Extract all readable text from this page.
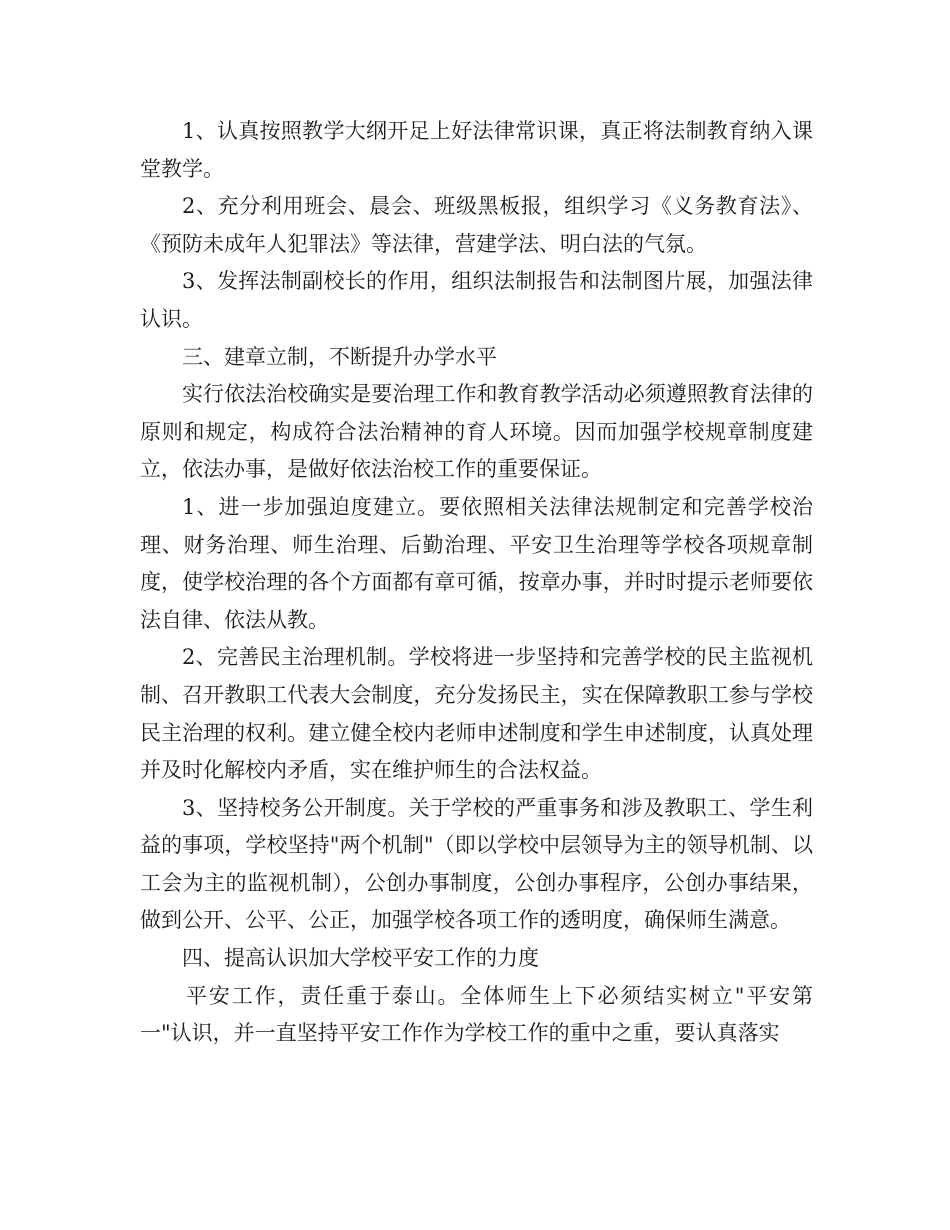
1、认真按照教学大纲开足上好法律常识课，真正将法制教育纳入课堂教学。

2、充分利用班会、晨会、班级黑板报，组织学习《义务教育法》、《预防未成年人犯罪法》等法律，营建学法、明白法的气氛。

3、发挥法制副校长的作用，组织法制报告和法制图片展，加强法律认识。

三、建章立制，不断提升办学水平

实行依法治校确实是要治理工作和教育教学活动必须遵照教育法律的原则和规定，构成符合法治精神的育人环境。因而加强学校规章制度建立，依法办事，是做好依法治校工作的重要保证。

1、进一步加强迫度建立。要依照相关法律法规制定和完善学校治理、财务治理、师生治理、后勤治理、平安卫生治理等学校各项规章制度，使学校治理的各个方面都有章可循，按章办事，并时时提示老师要依法自律、依法从教。

2、完善民主治理机制。学校将进一步坚持和完善学校的民主监视机制、召开教职工代表大会制度，充分发扬民主，实在保障教职工参与学校民主治理的权利。建立健全校内老师申述制度和学生申述制度，认真处理并及时化解校内矛盾，实在维护师生的合法权益。

3、坚持校务公开制度。关于学校的严重事务和涉及教职工、学生利益的事项，学校坚持"两个机制"（即以学校中层领导为主的领导机制、以工会为主的监视机制），公创办事制度，公创办事程序，公创办事结果，做到公开、公平、公正，加强学校各项工作的透明度，确保师生满意。

四、提高认识加大学校平安工作的力度

平安工作，责任重于泰山。全体师生上下必须结实树立"平安第一"认识，并一直坚持平安工作作为学校工作的重中之重，要认真落实
